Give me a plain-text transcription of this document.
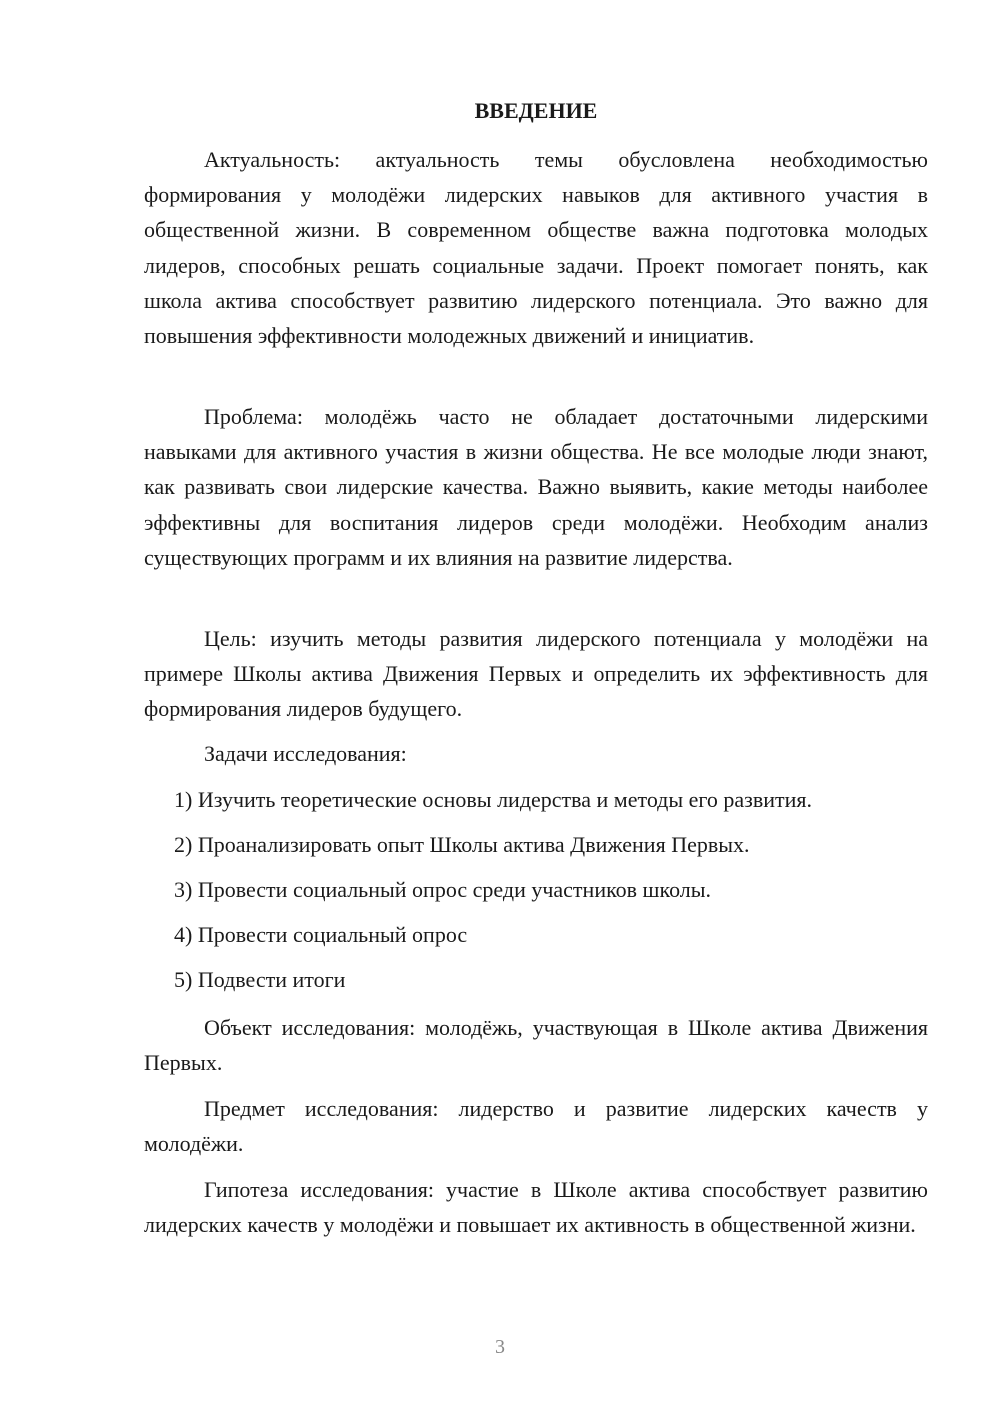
ВВЕДЕНИЕ

Актуальность: актуальность темы обусловлена необходимостью формирования у молодёжи лидерских навыков для активного участия в общественной жизни. В современном обществе важна подготовка молодых лидеров, способных решать социальные задачи. Проект помогает понять, как школа актива способствует развитию лидерского потенциала. Это важно для повышения эффективности молодежных движений и инициатив.

Проблема: молодёжь часто не обладает достаточными лидерскими навыками для активного участия в жизни общества. Не все молодые люди знают, как развивать свои лидерские качества. Важно выявить, какие методы наиболее эффективны для воспитания лидеров среди молодёжи. Необходим анализ существующих программ и их влияния на развитие лидерства.

Цель: изучить методы развития лидерского потенциала у молодёжи на примере Школы актива Движения Первых и определить их эффективность для формирования лидеров будущего.

Задачи исследования:

1) Изучить теоретические основы лидерства и методы его развития.

2) Проанализировать опыт Школы актива Движения Первых.

3) Провести социальный опрос среди участников школы.

4) Провести социальный опрос

5) Подвести итоги

Объект исследования: молодёжь, участвующая в Школе актива Движения Первых.

Предмет исследования: лидерство и развитие лидерских качеств у молодёжи.

Гипотеза исследования: участие в Школе актива способствует развитию лидерских качеств у молодёжи и повышает их активность в общественной жизни.

3
